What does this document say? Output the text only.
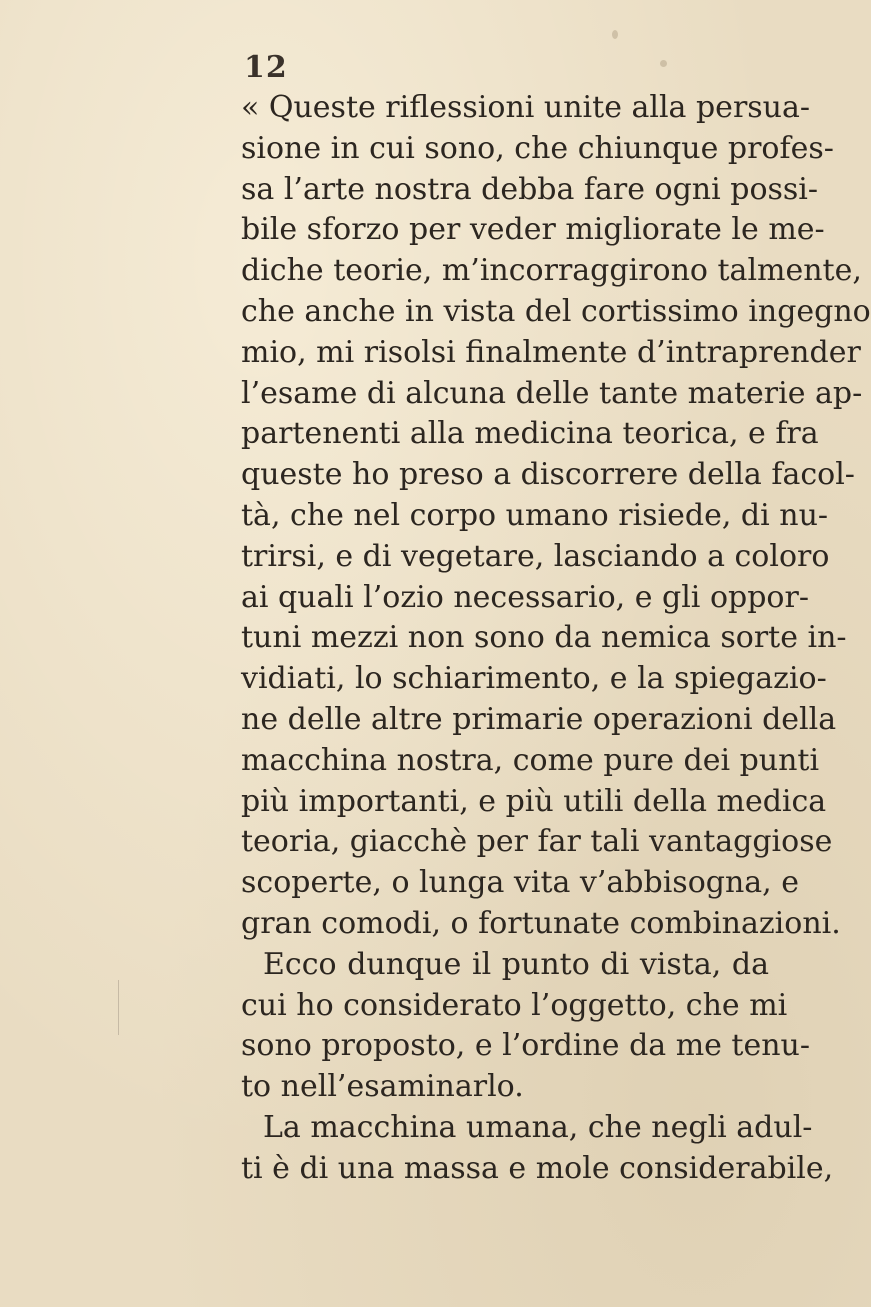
12
« Queste riflessioni unite alla persua-
sione in cui sono, che chiunque profes-
sa l’arte nostra debba fare ogni possi-
bile sforzo per veder migliorate le me-
diche teorie, m’incorraggirono talmente,
che anche in vista del cortissimo ingegno
mio, mi risolsi finalmente d’intraprender
l’esame di alcuna delle tante materie ap-
partenenti alla medicina teorica, e fra
queste ho preso a discorrere della facol-
tà, che nel corpo umano risiede, di nu-
trirsi, e di vegetare, lasciando a coloro
ai quali l’ozio necessario, e gli oppor-
tuni mezzi non sono da nemica sorte in-
vidiati, lo schiarimento, e la spiegazio-
ne delle altre primarie operazioni della
macchina nostra, come pure dei punti
più importanti, e più utili della medica
teoria, giacchè per far tali vantaggiose
scoperte, o lunga vita v’abbisogna, e
gran comodi, o fortunate combinazioni.
Ecco dunque il punto di vista, da
cui ho considerato l’oggetto, che mi
sono proposto, e l’ordine da me tenu-
to nell’esaminarlo.
La macchina umana, che negli adul-
ti è di una massa e mole considerabile,
